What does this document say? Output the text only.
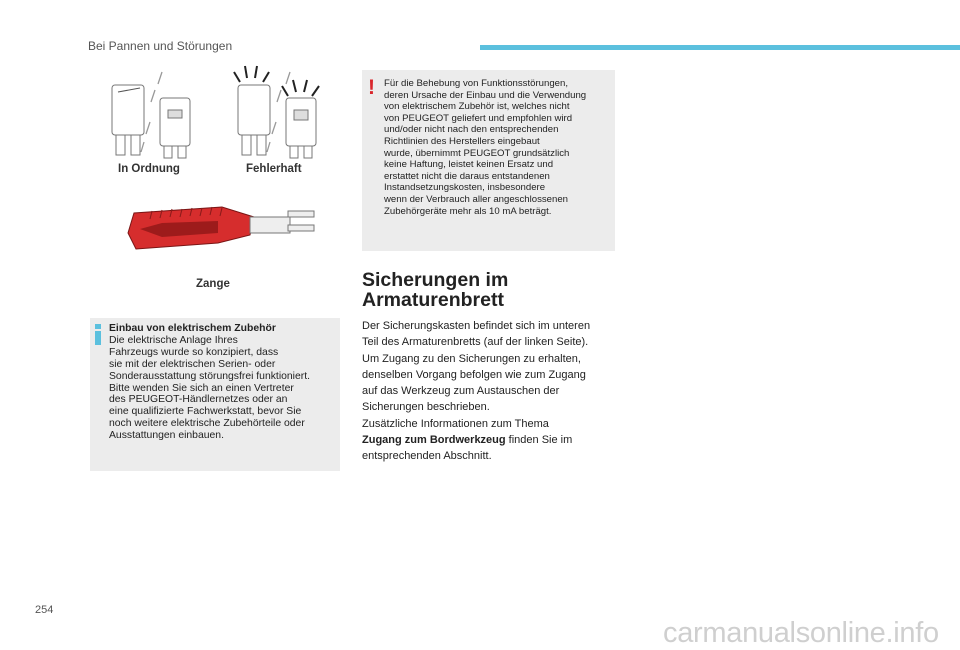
Bei Pannen und Störungen
In Ordnung	Fehlerhaft
Zange
Einbau von elektrischem Zubehör
Die elektrische Anlage Ihres
Fahrzeugs wurde so konzipiert, dass
sie mit der elektrischen Serien- oder
Sonderausstattung störungsfrei funktioniert.
Bitte wenden Sie sich an einen Vertreter
des PEUGEOT-Händlernetzes oder an
eine qualifizierte Fachwerkstatt, bevor Sie
noch weitere elektrische Zubehörteile oder
Ausstattungen einbauen.
! Für die Behebung von Funktionsstörungen,
deren Ursache der Einbau und die Verwendung
von elektrischem Zubehör ist, welches nicht
von PEUGEOT geliefert und empfohlen wird
und/oder nicht nach den entsprechenden
Richtlinien des Herstellers eingebaut
wurde, übernimmt PEUGEOT grundsätzlich
keine Haftung, leistet keinen Ersatz und
erstattet nicht die daraus entstandenen
Instandsetzungskosten, insbesondere
wenn der Verbrauch aller angeschlossenen
Zubehörgeräte mehr als 10 mA beträgt.
Sicherungen im
Armaturenbrett
Der Sicherungskasten befindet sich im unteren
Teil des Armaturenbretts (auf der linken Seite).
Um Zugang zu den Sicherungen zu erhalten,
denselben Vorgang befolgen wie zum Zugang
auf das Werkzeug zum Austauschen der
Sicherungen beschrieben.
Zusätzliche Informationen zum Thema
Zugang zum Bordwerkzeug finden Sie im
entsprechenden Abschnitt.
254
carmanualsonline.info
